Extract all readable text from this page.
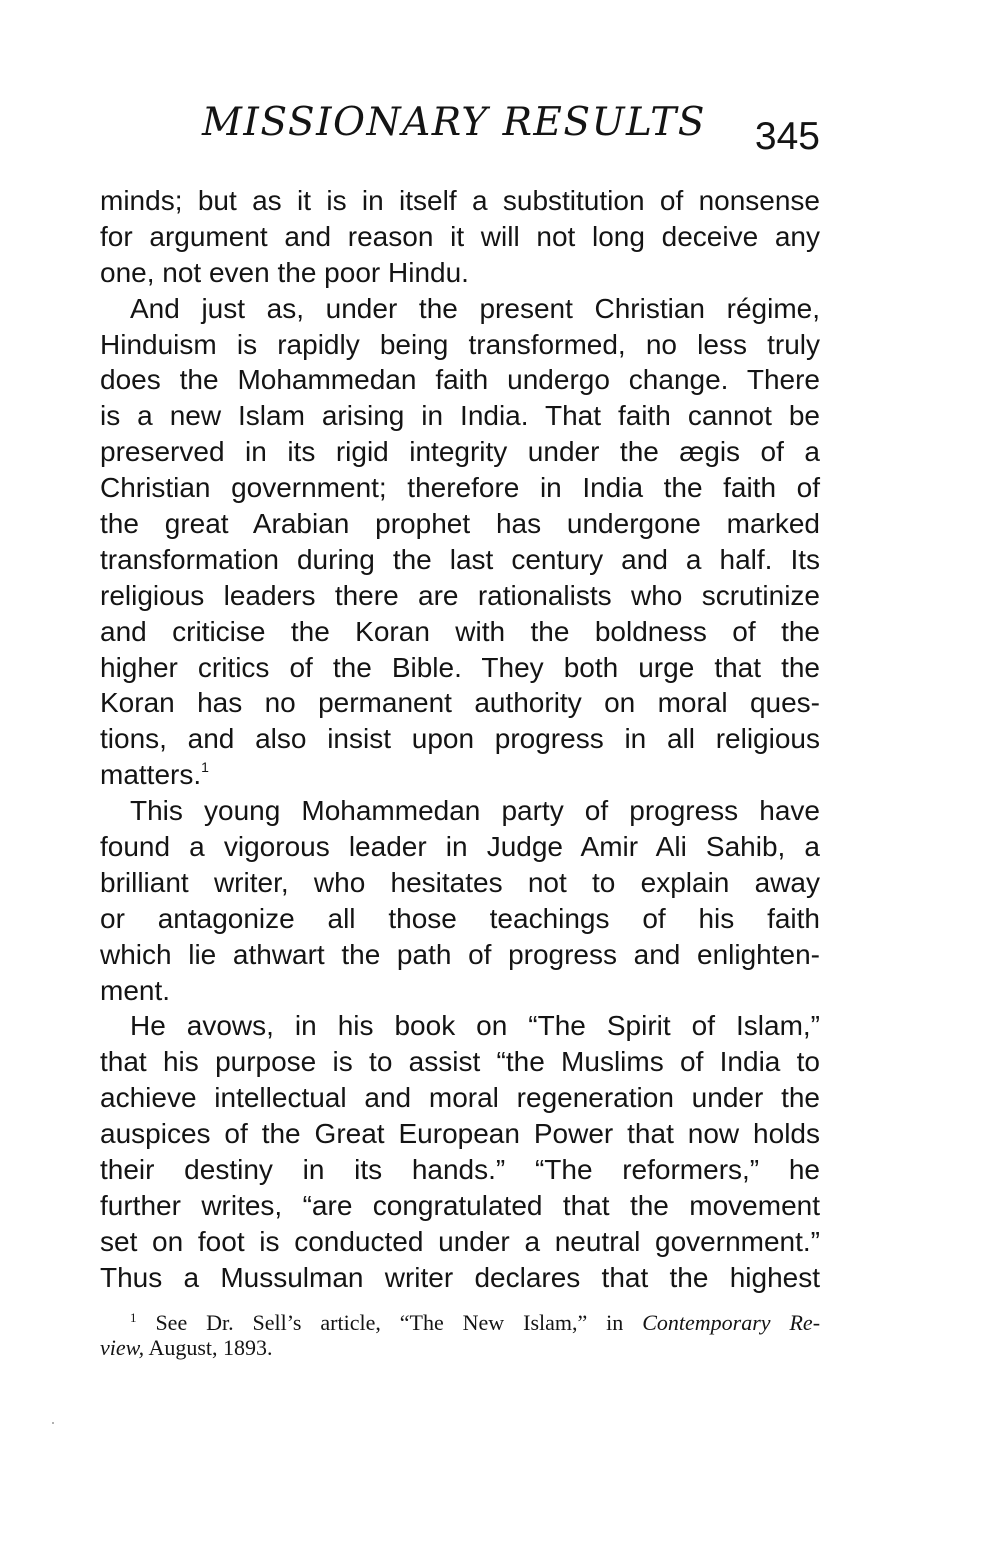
MISSIONARY RESULTS 345
minds; but as it is in itself a substitution of nonsense
for argument and reason it will not long deceive any
one, not even the poor Hindu.
And just as, under the present Christian régime,
Hinduism is rapidly being transformed, no less truly
does the Mohammedan faith undergo change. There
is a new Islam arising in India. That faith cannot be
preserved in its rigid integrity under the ægis of a
Christian government; therefore in India the faith of
the great Arabian prophet has undergone marked
transformation during the last century and a half. Its
religious leaders there are rationalists who scrutinize
and criticise the Koran with the boldness of the
higher critics of the Bible. They both urge that the
Koran has no permanent authority on moral ques-
tions, and also insist upon progress in all religious
matters.$^1$
This young Mohammedan party of progress have
found a vigorous leader in Judge Amir Ali Sahib, a
brilliant writer, who hesitates not to explain away
or antagonize all those teachings of his faith
which lie athwart the path of progress and enlighten-
ment.
He avows, in his book on “The Spirit of Islam,”
that his purpose is to assist “the Muslims of India to
achieve intellectual and moral regeneration under the
auspices of the Great European Power that now holds
their destiny in its hands.” “The reformers,” he
further writes, “are congratulated that the movement
set on foot is conducted under a neutral government.”
Thus a Mussulman writer declares that the highest
$^1$ See Dr. Sell’s article, “The New Islam,” in Contemporary Re-
view, August, 1893.
